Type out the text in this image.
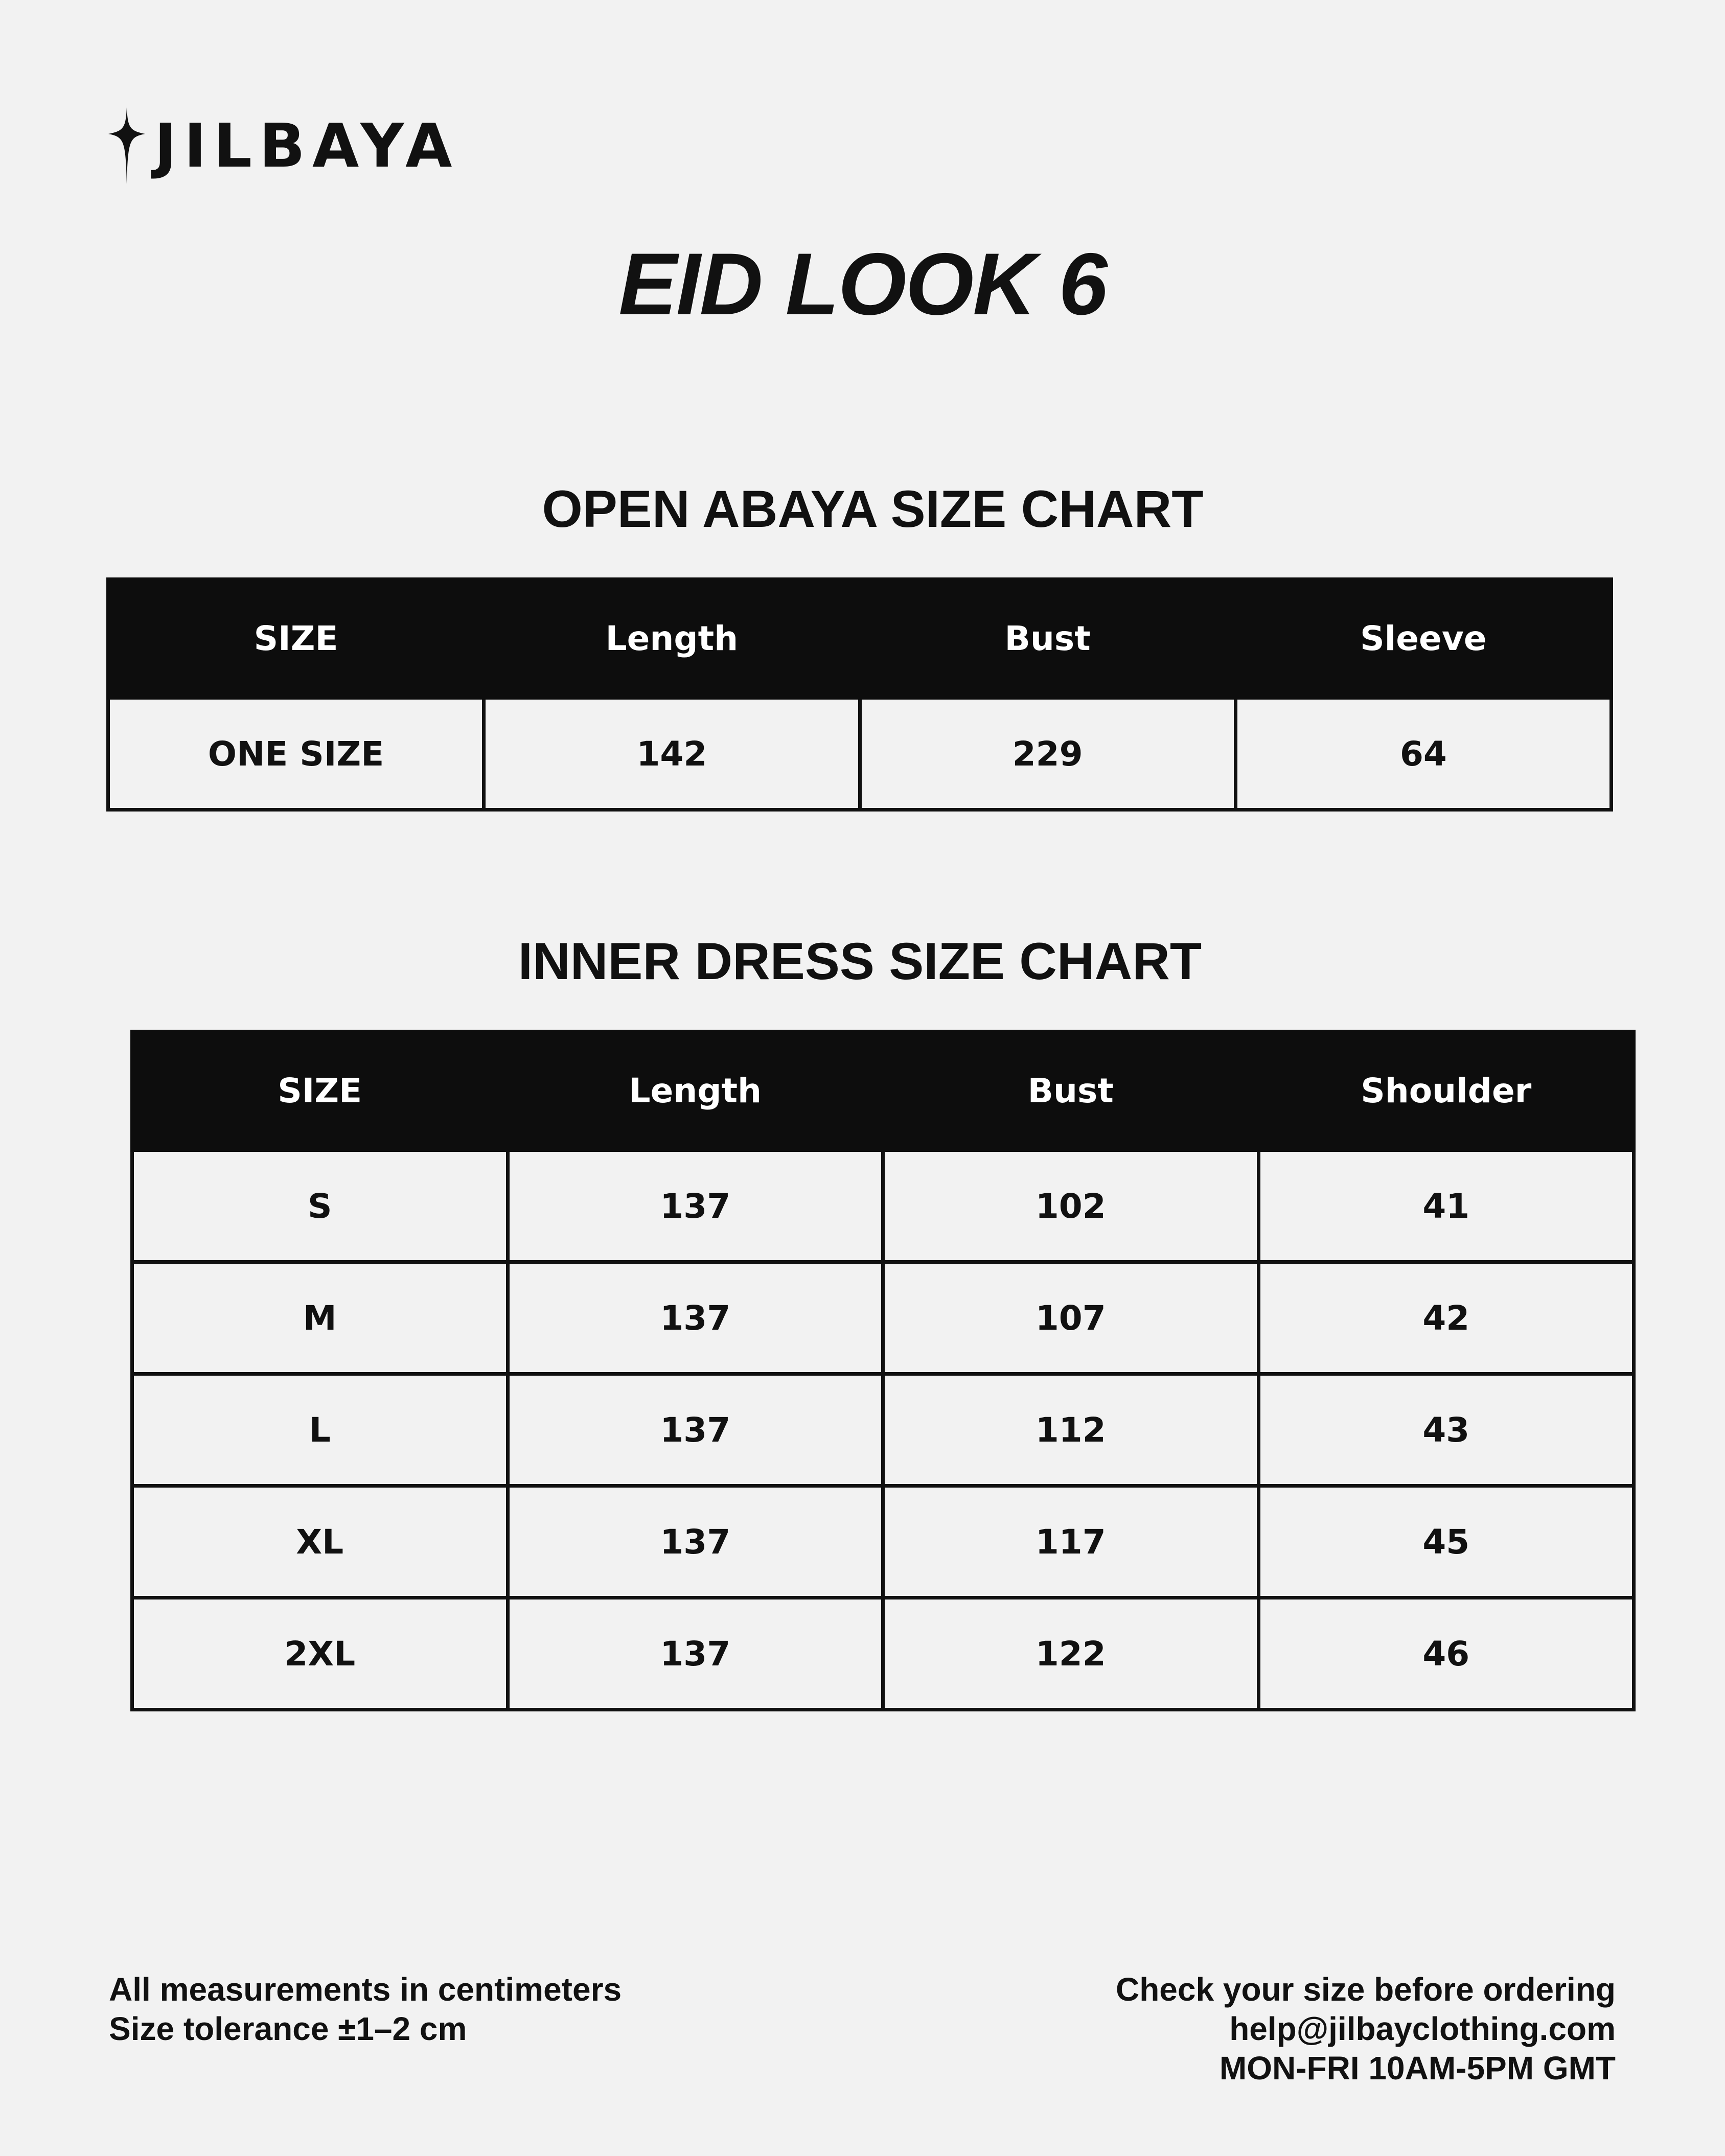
JILBAYA
EID LOOK 6
OPEN ABAYA SIZE CHART
SIZE	Length	Bust	Sleeve
ONE SIZE	142	229	64
INNER DRESS SIZE CHART
SIZE	Length	Bust	Shoulder
S	137	102	41
M	137	107	42
L	137	112	43
XL	137	117	45
2XL	137	122	46
All measurements in centimeters
Size tolerance ±1–2 cm
Check your size before ordering
help@jilbayclothing.com
MON-FRI 10AM-5PM GMT
